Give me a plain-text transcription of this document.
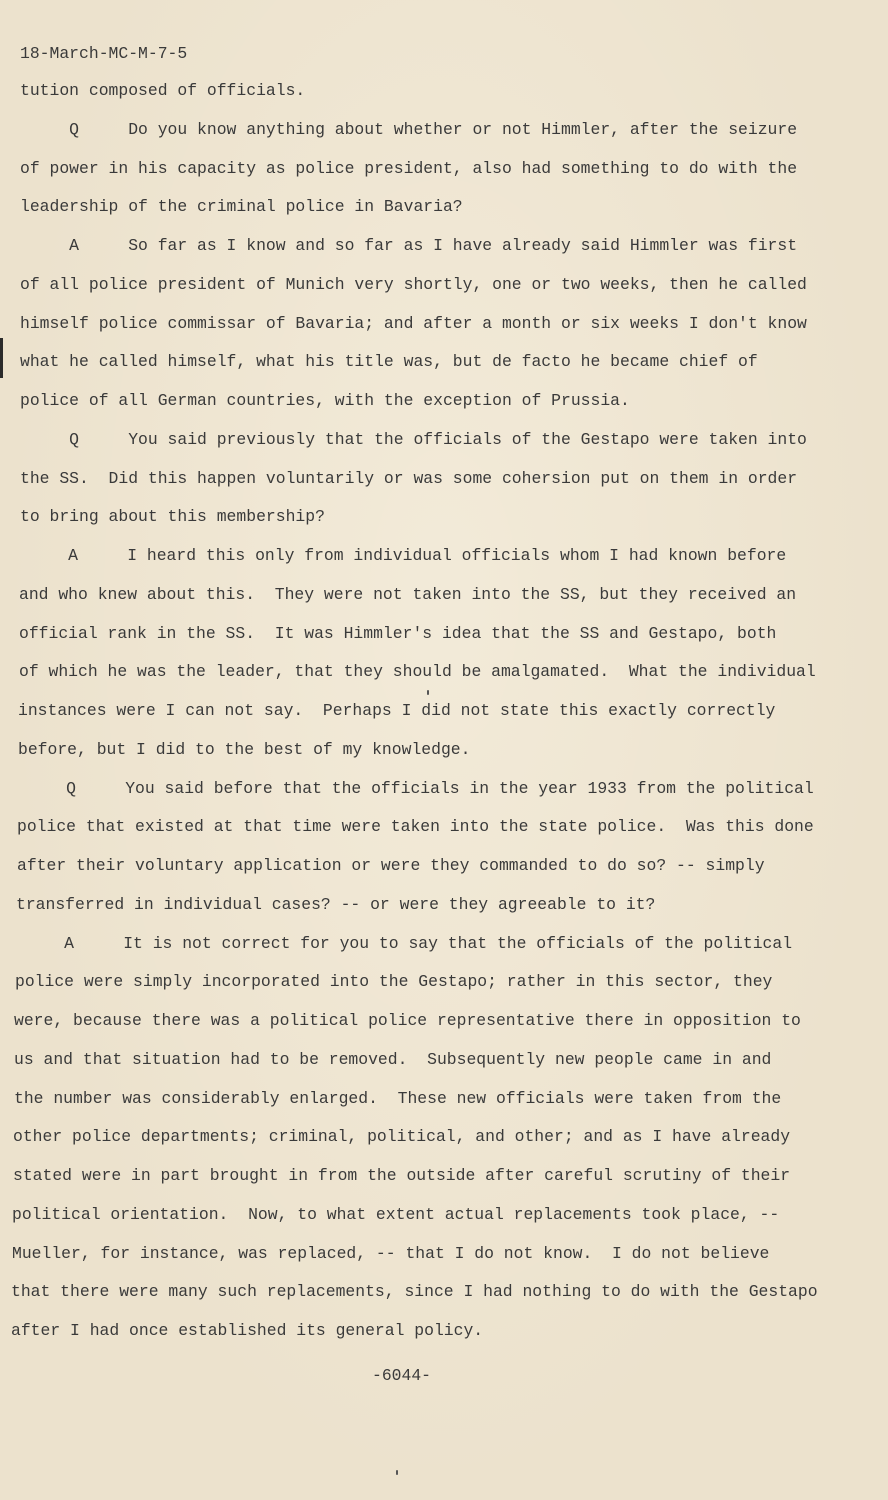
18-March-MC-M-7-5
tution composed of officials.
Q     Do you know anything about whether or not Himmler, after the seizure
of power in his capacity as police president, also had something to do with the
leadership of the criminal police in Bavaria?
A     So far as I know and so far as I have already said Himmler was first
of all police president of Munich very shortly, one or two weeks, then he called
himself police commissar of Bavaria; and after a month or six weeks I don't know
what he called himself, what his title was, but de facto he became chief of
police of all German countries, with the exception of Prussia.
Q     You said previously that the officials of the Gestapo were taken into
the SS.  Did this happen voluntarily or was some cohersion put on them in order
to bring about this membership?
A     I heard this only from individual officials whom I had known before
and who knew about this.  They were not taken into the SS, but they received an
official rank in the SS.  It was Himmler's idea that the SS and Gestapo, both
of which he was the leader, that they should be amalgamated.  What the individual
instances were I can not say.  Perhaps I did not state this exactly correctly
before, but I did to the best of my knowledge.
Q     You said before that the officials in the year 1933 from the political
police that existed at that time were taken into the state police.  Was this done
after their voluntary application or were they commanded to do so? -- simply
transferred in individual cases? -- or were they agreeable to it?
A     It is not correct for you to say that the officials of the political
police were simply incorporated into the Gestapo; rather in this sector, they
were, because there was a political police representative there in opposition to
us and that situation had to be removed.  Subsequently new people came in and
the number was considerably enlarged.  These new officials were taken from the
other police departments; criminal, political, and other; and as I have already
stated were in part brought in from the outside after careful scrutiny of their
political orientation.  Now, to what extent actual replacements took place, --
Mueller, for instance, was replaced, -- that I do not know.  I do not believe
that there were many such replacements, since I had nothing to do with the Gestapo
after I had once established its general policy.
-6044-
